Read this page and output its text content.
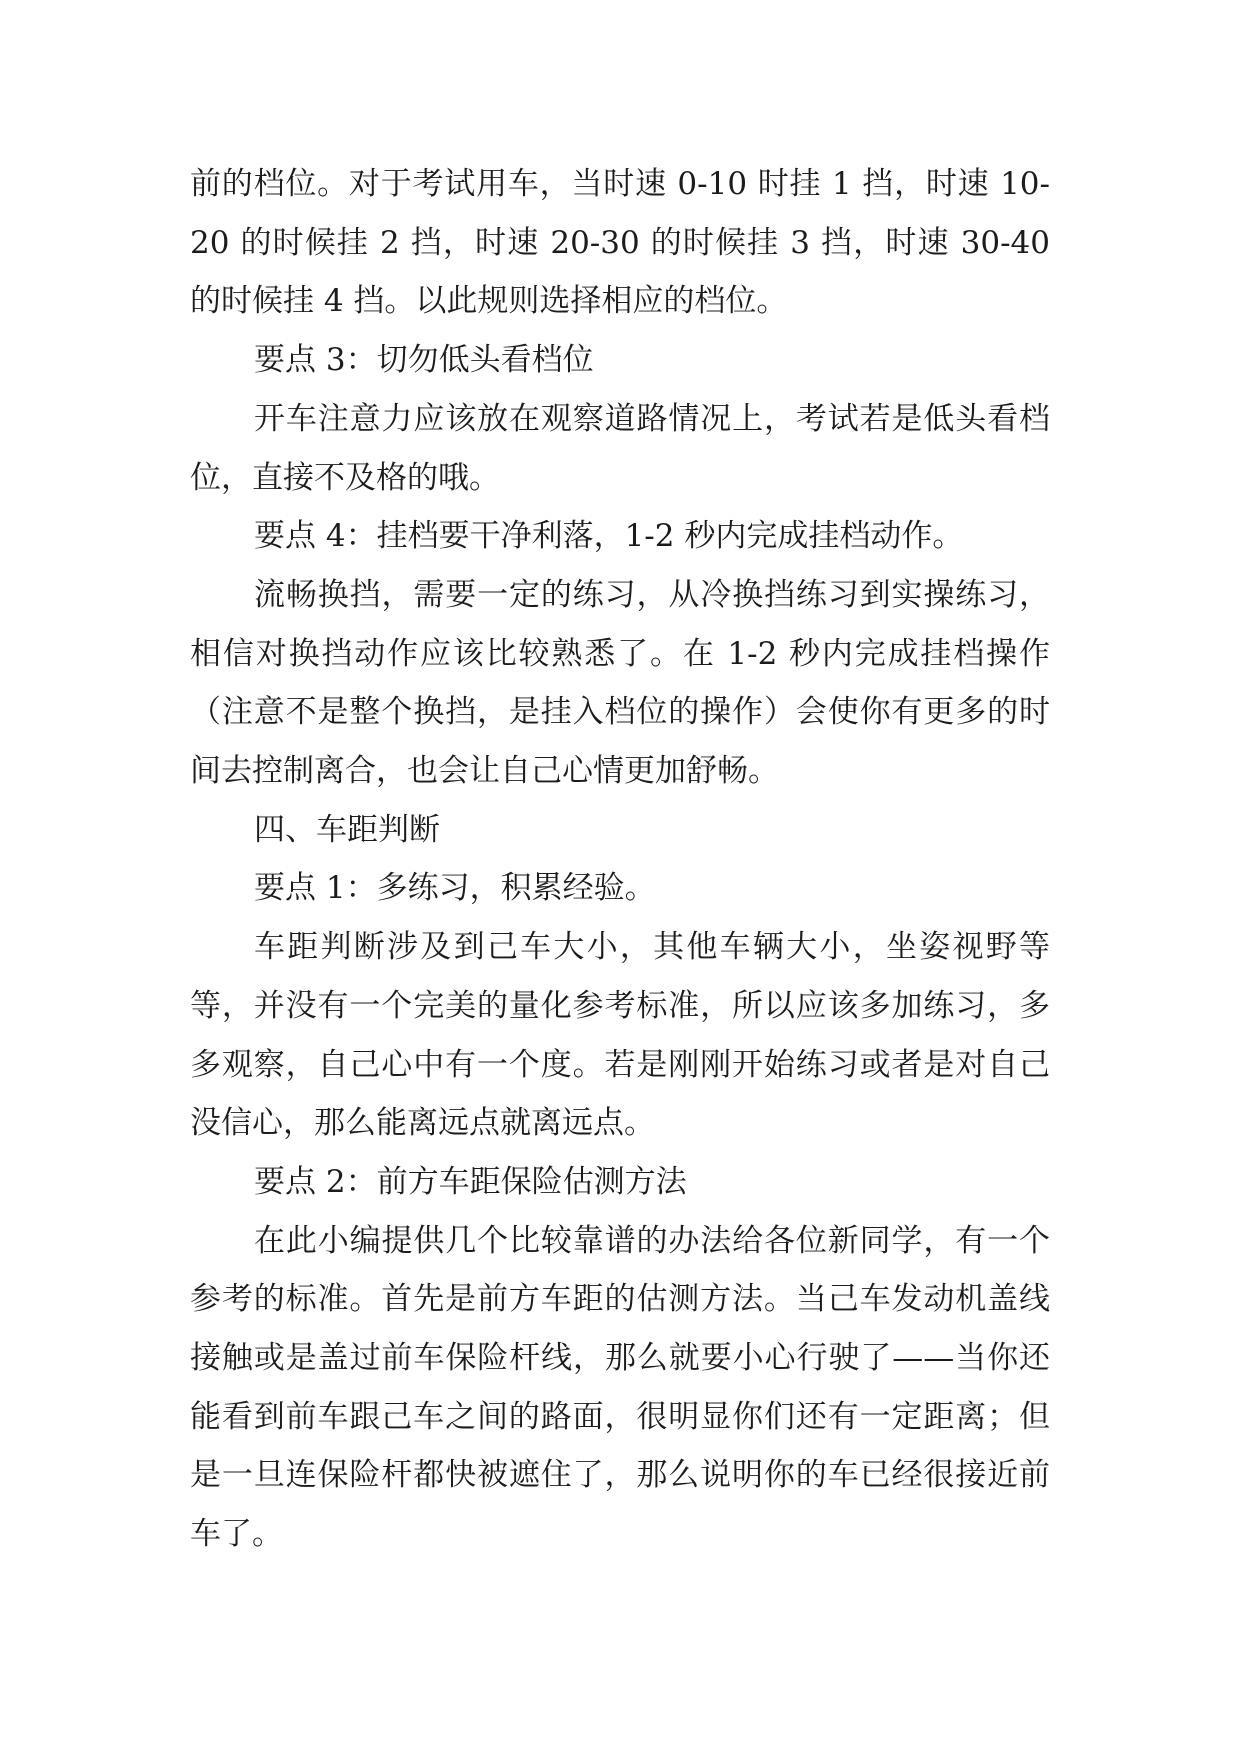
前的档位。对于考试用车，当时速 0-10 时挂 1 挡，时速 10-20 的时候挂 2 挡，时速 20-30 的时候挂 3 挡，时速 30-40 的时候挂 4 挡。以此规则选择相应的档位。

要点 3：切勿低头看档位

开车注意力应该放在观察道路情况上，考试若是低头看档位，直接不及格的哦。

要点 4：挂档要干净利落，1-2 秒内完成挂档动作。

流畅换挡，需要一定的练习，从冷换挡练习到实操练习，相信对换挡动作应该比较熟悉了。在 1-2 秒内完成挂档操作（注意不是整个换挡，是挂入档位的操作）会使你有更多的时间去控制离合，也会让自己心情更加舒畅。

四、车距判断

要点 1：多练习，积累经验。

车距判断涉及到己车大小，其他车辆大小，坐姿视野等等，并没有一个完美的量化参考标准，所以应该多加练习，多多观察，自己心中有一个度。若是刚刚开始练习或者是对自己没信心，那么能离远点就离远点。

要点 2：前方车距保险估测方法

在此小编提供几个比较靠谱的办法给各位新同学，有一个参考的标准。首先是前方车距的估测方法。当己车发动机盖线接触或是盖过前车保险杆线，那么就要小心行驶了——当你还能看到前车跟己车之间的路面，很明显你们还有一定距离；但是一旦连保险杆都快被遮住了，那么说明你的车已经很接近前车了。
